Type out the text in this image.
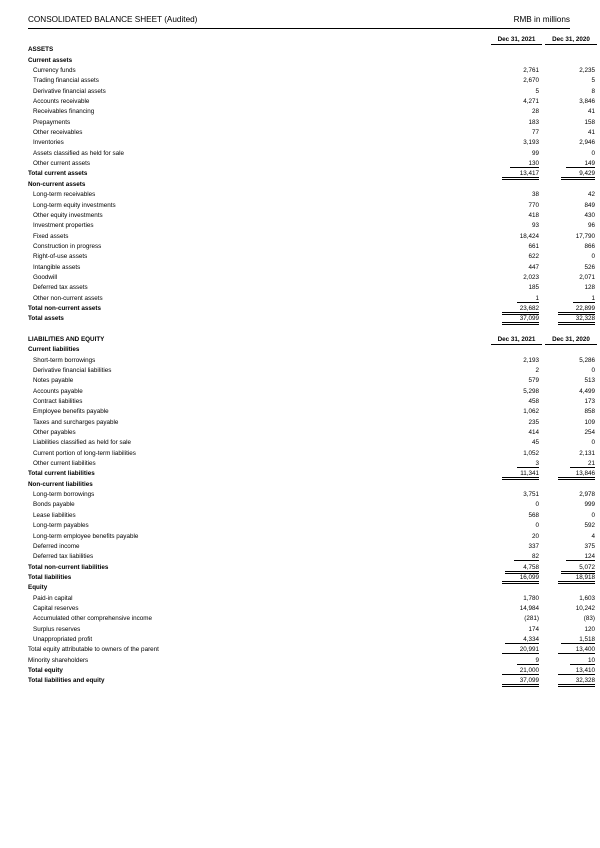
CONSOLIDATED BALANCE SHEET (Audited)	RMB in millions
Dec 31, 2021	Dec 31, 2020
ASSETS
Current assets
Currency funds	2,761	2,235
Trading financial assets	2,670	5
Derivative financial assets	5	8
Accounts receivable	4,271	3,846
Receivables financing	28	41
Prepayments	183	158
Other receivables	77	41
Inventories	3,193	2,946
Assets classified as held for sale	99	0
Other current assets	130	149
Total current assets	13,417	9,429
Non-current assets
Long-term receivables	38	42
Long-term equity investments	770	849
Other equity investments	418	430
Investment properties	93	96
Fixed assets	18,424	17,790
Construction in progress	661	866
Right-of-use assets	622	0
Intangible assets	447	526
Goodwill	2,023	2,071
Deferred tax assets	185	128
Other non-current assets	1	1
Total non-current assets	23,682	22,899
Total assets	37,099	32,328
LIABILITIES AND EQUITY	Dec 31, 2021	Dec 31, 2020
Current liabilities
Short-term borrowings	2,193	5,286
Derivative financial liabilities	2	0
Notes payable	579	513
Accounts payable	5,298	4,499
Contract liabilities	458	173
Employee benefits payable	1,062	858
Taxes and surcharges payable	235	109
Other payables	414	254
Liabilities classified as held for sale	45	0
Current portion of long-term liabilities	1,052	2,131
Other current liabilities	3	21
Total current liabilities	11,341	13,846
Non-current liabilities
Long-term borrowings	3,751	2,978
Bonds payable	0	999
Lease liabilities	568	0
Long-term payables	0	592
Long-term employee benefits payable	20	4
Deferred income	337	375
Deferred tax liabilities	82	124
Total non-current liabilities	4,758	5,072
Total liabilities	16,099	18,918
Equity
Paid-in capital	1,780	1,603
Capital reserves	14,984	10,242
Accumulated other comprehensive income	(281)	(83)
Surplus reserves	174	120
Unappropriated profit	4,334	1,518
Total equity attributable to owners of the parent	20,991	13,400
Minority shareholders	9	10
Total equity	21,000	13,410
Total liabilities and equity	37,099	32,328
